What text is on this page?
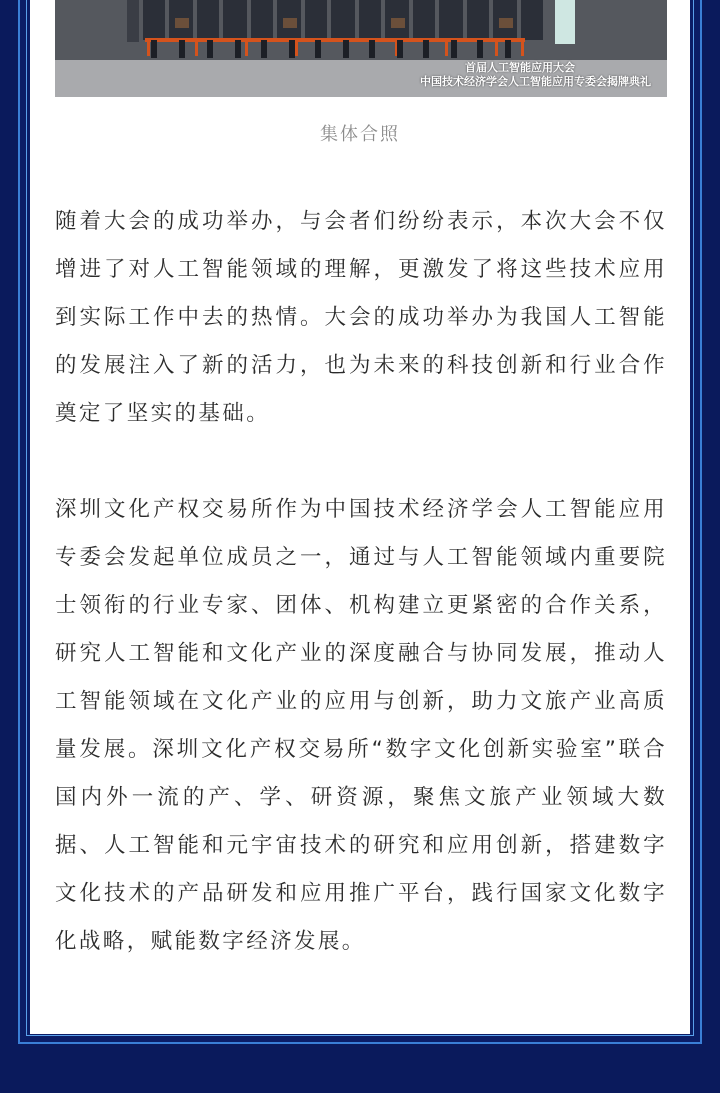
首届人工智能应用大会
中国技术经济学会人工智能应用专委会揭牌典礼
集体合照

随着大会的成功举办，与会者们纷纷表示，本次大会不仅增进了对人工智能领域的理解，更激发了将这些技术应用到实际工作中去的热情。大会的成功举办为我国人工智能的发展注入了新的活力，也为未来的科技创新和行业合作奠定了坚实的基础。

深圳文化产权交易所作为中国技术经济学会人工智能应用专委会发起单位成员之一，通过与人工智能领域内重要院士领衔的行业专家、团体、机构建立更紧密的合作关系，研究人工智能和文化产业的深度融合与协同发展，推动人工智能领域在文化产业的应用与创新，助力文旅产业高质量发展。深圳文化产权交易所“数字文化创新实验室”联合国内外一流的产、学、研资源，聚焦文旅产业领域大数据、人工智能和元宇宙技术的研究和应用创新，搭建数字文化技术的产品研发和应用推广平台，践行国家文化数字化战略，赋能数字经济发展。
